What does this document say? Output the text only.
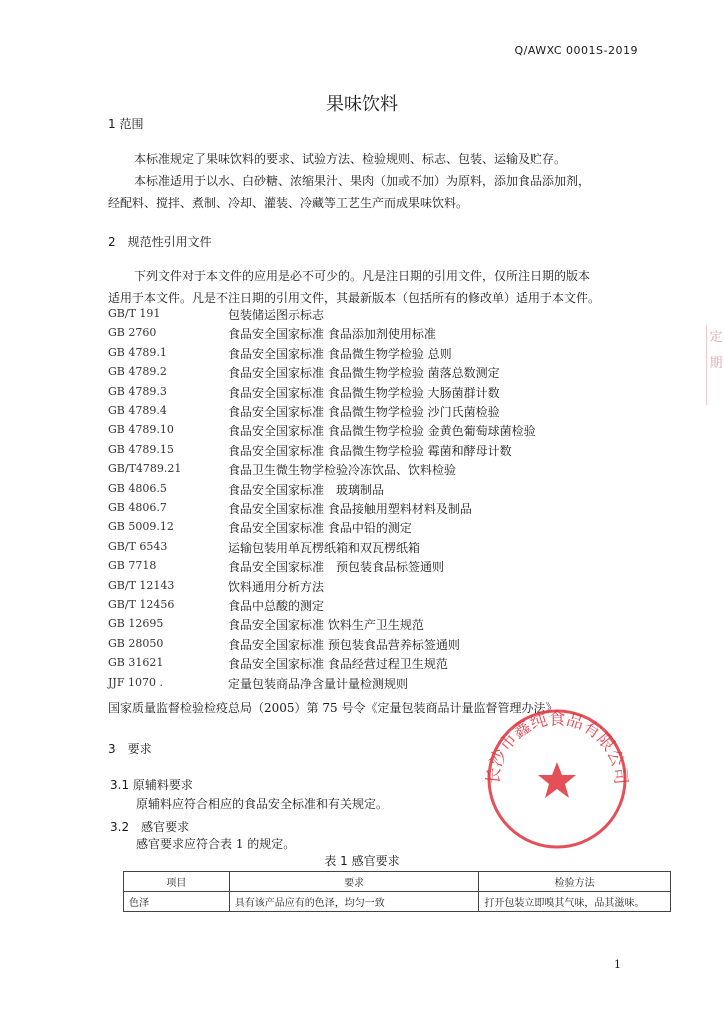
Q/AWXC 0001S-2019
果味饮料
1 范围
本标准规定了果味饮料的要求、试验方法、检验规则、标志、包装、运输及贮存。
本标准适用于以水、白砂糖、浓缩果汁、果肉（加或不加）为原料，添加食品添加剂，
经配料、搅拌、煮制、冷却、灌装、冷藏等工艺生产而成果味饮料。
2　规范性引用文件
下列文件对于本文件的应用是必不可少的。凡是注日期的引用文件，仅所注日期的版本
适用于本文件。凡是不注日期的引用文件，其最新版本（包括所有的修改单）适用于本文件。
GB/T 191	包装储运图示标志
GB 2760	食品安全国家标准 食品添加剂使用标准
GB 4789.1	食品安全国家标准 食品微生物学检验 总则
GB 4789.2	食品安全国家标准 食品微生物学检验 菌落总数测定
GB 4789.3	食品安全国家标准 食品微生物学检验 大肠菌群计数
GB 4789.4	食品安全国家标准 食品微生物学检验 沙门氏菌检验
GB 4789.10	食品安全国家标准 食品微生物学检验 金黄色葡萄球菌检验
GB 4789.15	食品安全国家标准 食品微生物学检验 霉菌和酵母计数
GB/T4789.21	食品卫生微生物学检验冷冻饮品、饮料检验
GB 4806.5	食品安全国家标准　玻璃制品
GB 4806.7	食品安全国家标准 食品接触用塑料材料及制品
GB 5009.12	食品安全国家标准 食品中铅的测定
GB/T 6543	运输包装用单瓦楞纸箱和双瓦楞纸箱
GB 7718	食品安全国家标准　预包装食品标签通则
GB/T 12143	饮料通用分析方法
GB/T 12456	食品中总酸的测定
GB 12695	食品安全国家标准 饮料生产卫生规范
GB 28050	食品安全国家标准 预包装食品营养标签通则
GB 31621	食品安全国家标准 食品经营过程卫生规范
JJF 1070 .	定量包装商品净含量计量检测规则
国家质量监督检验检疫总局（2005）第 75 号令《定量包装商品计量监督管理办法》
3　要求
3.1 原辅料要求
原辅料应符合相应的食品安全标准和有关规定。
3.2　感官要求
感官要求应符合表 1 的规定。
表 1 感官要求
项目	要求	检验方法
色泽	具有该产品应有的色泽，均匀一致	打开包装立即嗅其气味，品其滋味。
定 期
长沙市鑫纯食品有限公司
1
